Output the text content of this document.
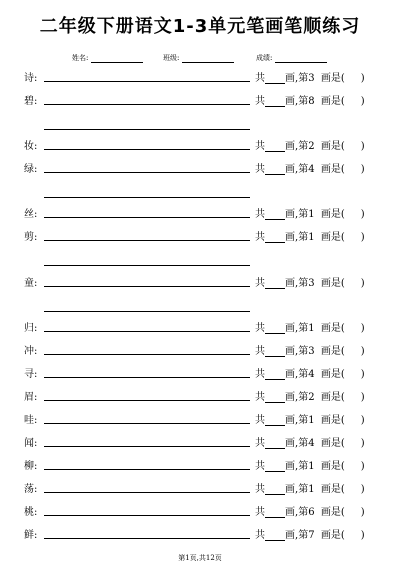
二年级下册语文1-3单元笔画笔顺练习
姓名:	班级:	成绩:
诗:	共 画,第3 画是( )
碧:	共 画,第8 画是( )
妆:	共 画,第2 画是( )
绿:	共 画,第4 画是( )
丝:	共 画,第1 画是( )
剪:	共 画,第1 画是( )
童:	共 画,第3 画是( )
归:	共 画,第1 画是( )
冲:	共 画,第3 画是( )
寻:	共 画,第4 画是( )
眉:	共 画,第2 画是( )
哇:	共 画,第1 画是( )
闻:	共 画,第4 画是( )
柳:	共 画,第1 画是( )
荡:	共 画,第1 画是( )
桃:	共 画,第6 画是( )
鲜:	共 画,第7 画是( )
第1页,共12页
